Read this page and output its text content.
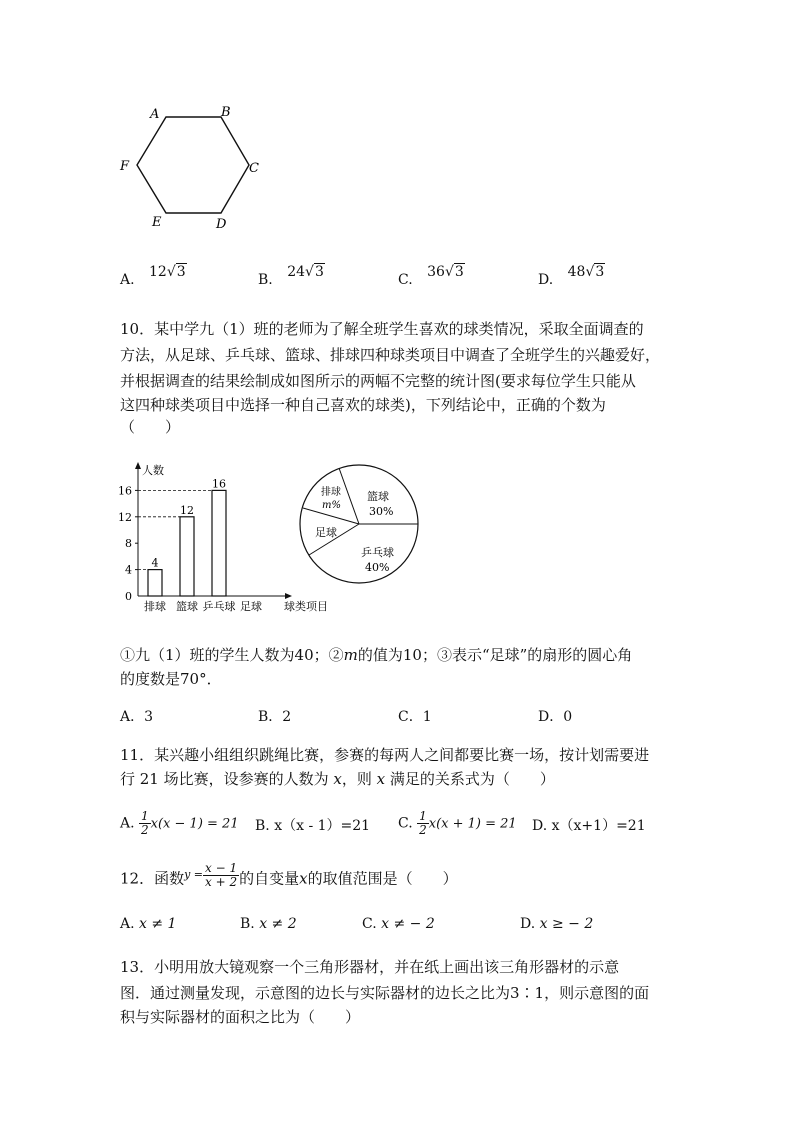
A	B
C
D
E
F
A. 12√3	B. 24√3	C. 36√3	D. 48√3
10．某中学九（1）班的老师为了解全班学生喜欢的球类情况，采取全面调查的
方法，从足球、乒乓球、篮球、排球四种球类项目中调查了全班学生的兴趣爱好，
并根据调查的结果绘制成如图所示的两幅不完整的统计图(要求每位学生只能从
这四种球类项目中选择一种自己喜欢的球类)，下列结论中，正确的个数为
（　　）
人数
球类项目
0
4
8
12
16
4
排球
12
篮球
16
乒乓球 足球
排球
m%
篮球
30%
乒乓球
40%
足球
①九（1）班的学生人数为40；②m的值为10；③表示“足球”的扇形的圆心角
的度数是70°．
A．3	B．2	C．1	D．0
11．某兴趣小组组织跳绳比赛，参赛的每两人之间都要比赛一场，按计划需要进
行 21 场比赛，设参赛的人数为 x，则 x 满足的关系式为（　　）
A. $\frac{1}{2} x(x - 1) = 21$ B. x（x - 1）=21 C. $\frac{1}{2} x(x + 1) = 21$ D. x（x+1）=21
12．函数$^{y =} \frac{x - 1}{x + 2}$ 的自变量x的取值范围是（　　）
A. x ≠ 1	B. x ≠ 2	C. x ≠ − 2	D. x ≥ − 2
13．小明用放大镜观察一个三角形器材，并在纸上画出该三角形器材的示意
图．通过测量发现，示意图的边长与实际器材的边长之比为3∶1，则示意图的面
积与实际器材的面积之比为（　　）
